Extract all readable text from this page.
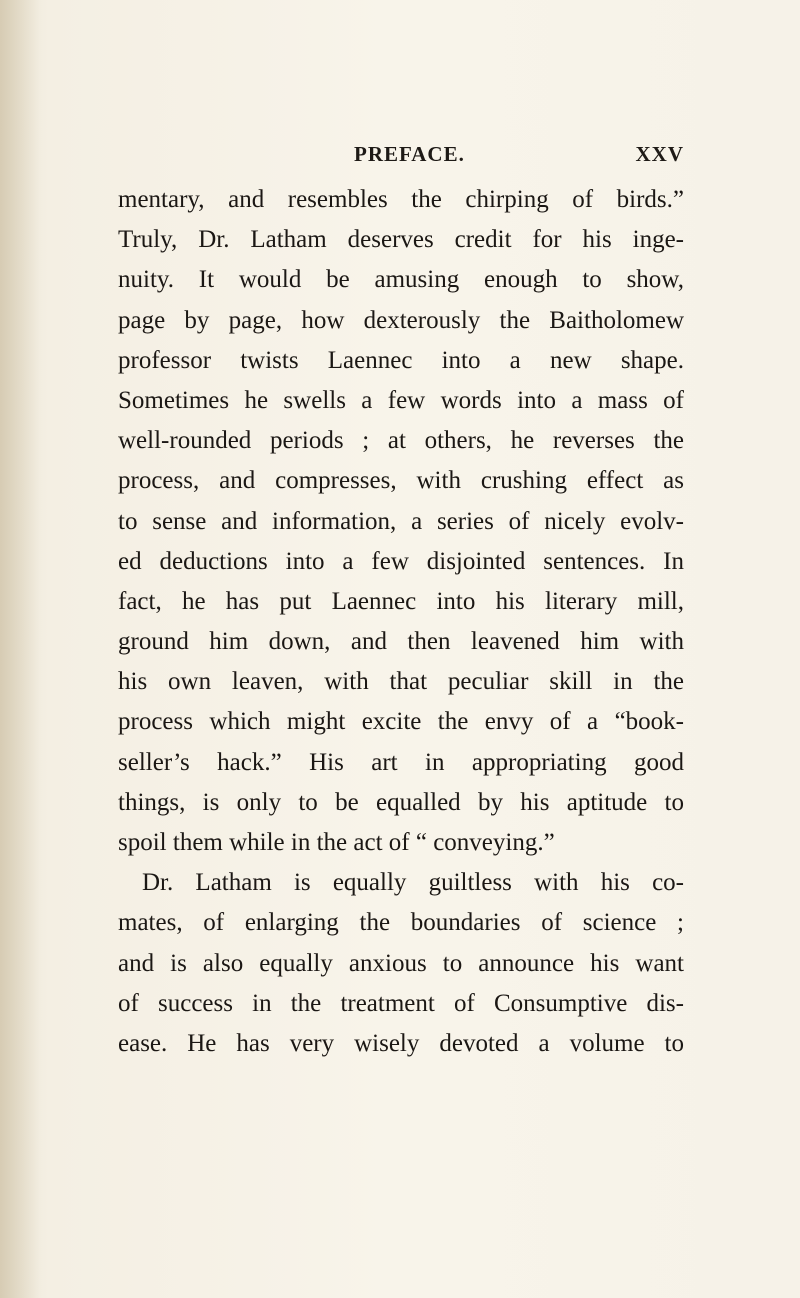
PREFACE.	XXV
mentary, and resembles the chirping of birds.”
Truly, Dr. Latham deserves credit for his inge-
nuity. It would be amusing enough to show,
page by page, how dexterously the Baitholomew
professor twists Laennec into a new shape.
Sometimes he swells a few words into a mass of
well-rounded periods ; at others, he reverses the
process, and compresses, with crushing effect as
to sense and information, a series of nicely evolv-
ed deductions into a few disjointed sentences. In
fact, he has put Laennec into his literary mill,
ground him down, and then leavened him with
his own leaven, with that peculiar skill in the
process which might excite the envy of a “book-
seller’s hack.” His art in appropriating good
things, is only to be equalled by his aptitude to
spoil them while in the act of “ conveying.”
Dr. Latham is equally guiltless with his co-
mates, of enlarging the boundaries of science ;
and is also equally anxious to announce his want
of success in the treatment of Consumptive dis-
ease. He has very wisely devoted a volume to
